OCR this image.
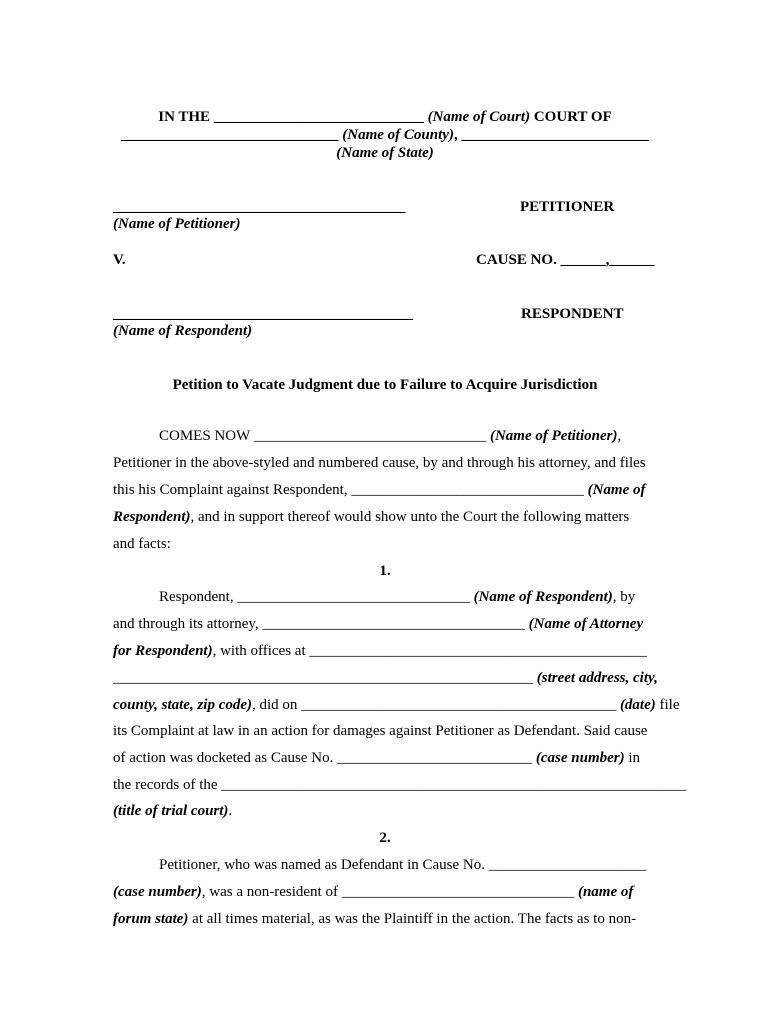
IN THE ____________________________ (Name of Court) COURT OF
_____________________________ (Name of County), _________________________
(Name of State)
_______________________________________	PETITIONER
(Name of Petitioner)
V.	CAUSE NO. ______,______
________________________________________	RESPONDENT
(Name of Respondent)
Petition to Vacate Judgment due to Failure to Acquire Jurisdiction
COMES NOW _______________________________ (Name of Petitioner),
Petitioner in the above-styled and numbered cause, by and through his attorney, and files
this his Complaint against Respondent, _______________________________ (Name of
Respondent), and in support thereof would show unto the Court the following matters
and facts:
1.
Respondent, _______________________________ (Name of Respondent), by
and through its attorney, ___________________________________ (Name of Attorney
for Respondent), with offices at _____________________________________________
________________________________________________________ (street address, city,
county, state, zip code), did on __________________________________________ (date) file
its Complaint at law in an action for damages against Petitioner as Defendant. Said cause
of action was docketed as Cause No. __________________________ (case number) in
the records of the ______________________________________________________________
(title of trial court).
2.
Petitioner, who was named as Defendant in Cause No. _____________________
(case number), was a non-resident of _______________________________ (name of
forum state) at all times material, as was the Plaintiff in the action. The facts as to non-
